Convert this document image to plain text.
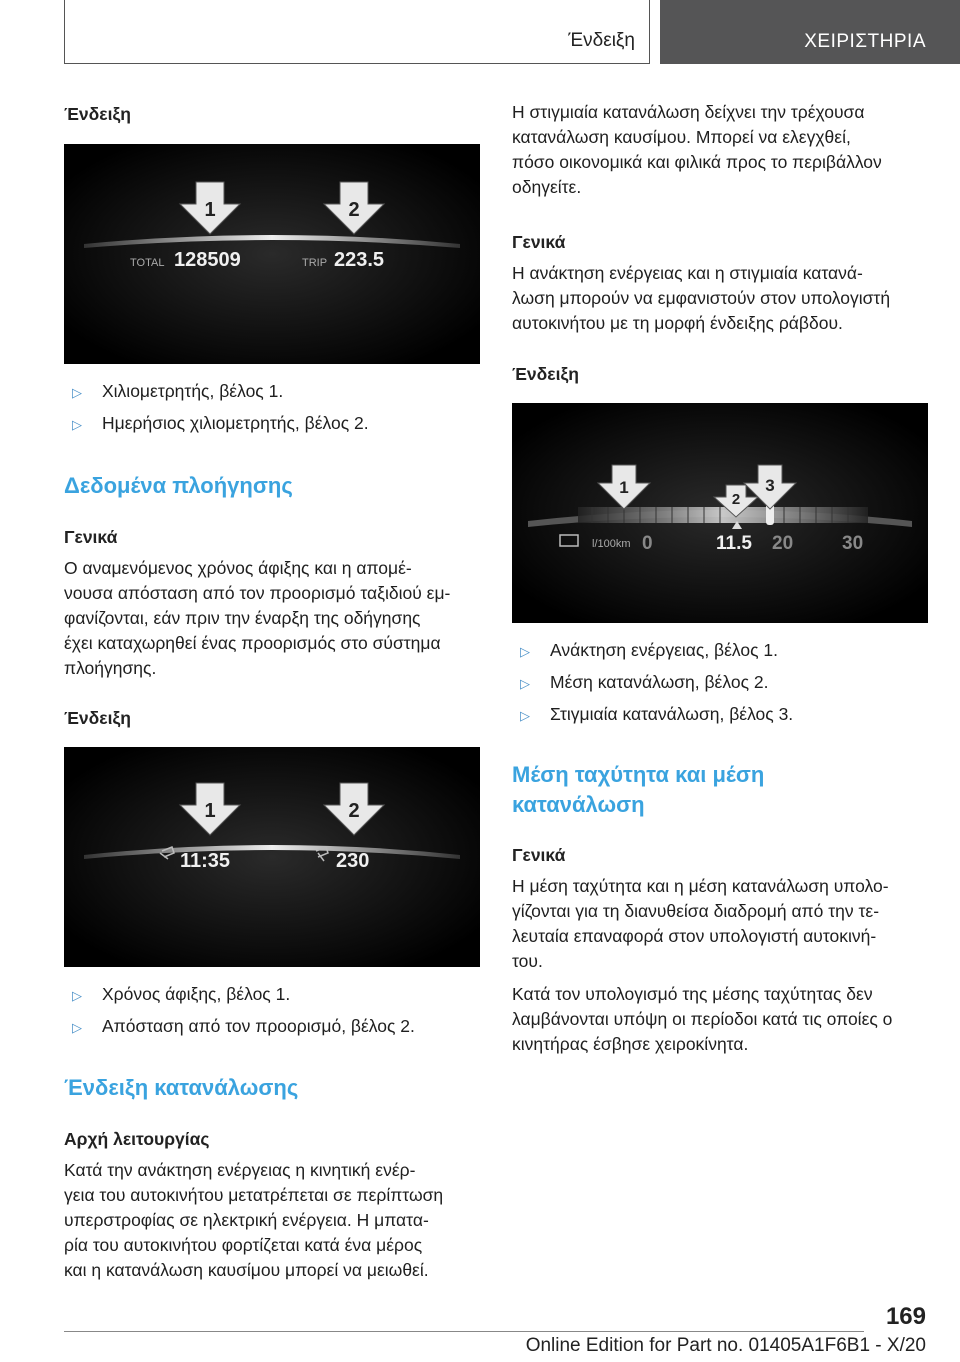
Ένδειξη	ΧΕΙΡΙΣΤΗΡΙΑ
Ένδειξη
1	2
TOTAL 128509	TRIP 223.5
▷ Χιλιομετρητής, βέλος 1.
▷ Ημερήσιος χιλιομετρητής, βέλος 2.
Δεδομένα πλοήγησης
Γενικά
Ο αναμενόμενος χρόνος άφιξης και η απομέ-
νουσα απόσταση από τον προορισμό ταξιδιού εμ-
φανίζονται, εάν πριν την έναρξη της οδήγησης
έχει καταχωρηθεί ένας προορισμός στο σύστημα
πλοήγησης.
Ένδειξη
1	2
11:35	230
▷ Χρόνος άφιξης, βέλος 1.
▷ Απόσταση από τον προορισμό, βέλος 2.
Ένδειξη κατανάλωσης
Αρχή λειτουργίας
Κατά την ανάκτηση ενέργειας η κινητική ενέρ-
γεια του αυτοκινήτου μετατρέπεται σε περίπτωση
υπερστροφίας σε ηλεκτρική ενέργεια. Η μπατα-
ρία του αυτοκινήτου φορτίζεται κατά ένα μέρος
και η κατανάλωση καυσίμου μπορεί να μειωθεί.
Η στιγμιαία κατανάλωση δείχνει την τρέχουσα
κατανάλωση καυσίμου. Μπορεί να ελεγχθεί,
πόσο οικονομικά και φιλικά προς το περιβάλλον
οδηγείτε.
Γενικά
Η ανάκτηση ενέργειας και η στιγμιαία κατανά-
λωση μπορούν να εμφανιστούν στον υπολογιστή
αυτοκινήτου με τη μορφή ένδειξης ράβδου.
Ένδειξη
1
2
3
l/100km 0	11.5 20	30
▷ Ανάκτηση ενέργειας, βέλος 1.
▷ Μέση κατανάλωση, βέλος 2.
▷ Στιγμιαία κατανάλωση, βέλος 3.
Μέση ταχύτητα και μέση
κατανάλωση
Γενικά
Η μέση ταχύτητα και η μέση κατανάλωση υπολο-
γίζονται για τη διανυθείσα διαδρομή από την τε-
λευταία επαναφορά στον υπολογιστή αυτοκινή-
του.
Κατά τον υπολογισμό της μέσης ταχύτητας δεν
λαμβάνονται υπόψη οι περίοδοι κατά τις οποίες ο
κινητήρας έσβησε χειροκίνητα.
169
Online Edition for Part no. 01405A1F6B1 - X/20
